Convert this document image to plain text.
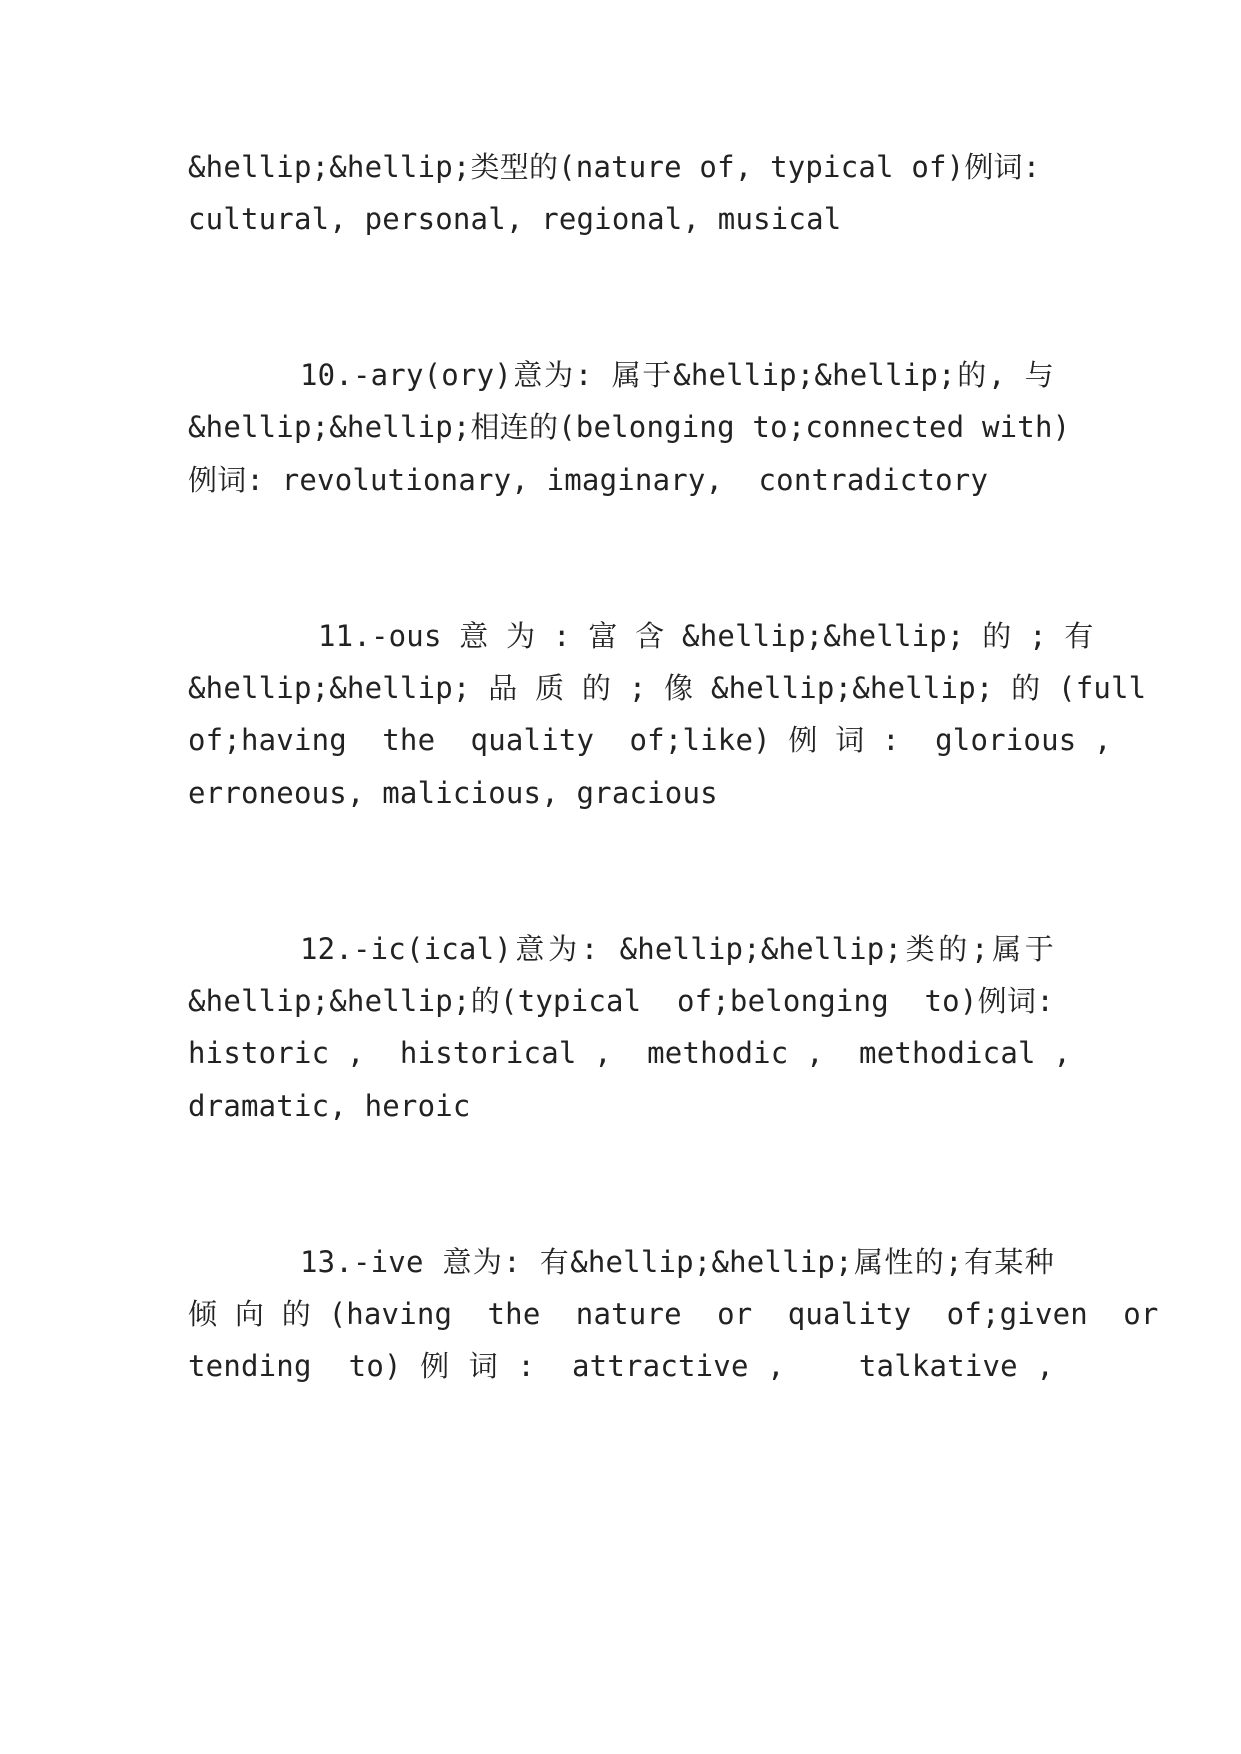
&hellip;&hellip;类型的(nature of, typical of)例词:
cultural, personal, regional, musical
10.-ary(ory)意为: 属于&hellip;&hellip;的, 与
&hellip;&hellip;相连的(belonging to;connected with)
例词: revolutionary, imaginary,  contradictory
11.-ous 意 为 : 富 含 &hellip;&hellip; 的 ; 有
&hellip;&hellip; 品 质 的 ; 像 &hellip;&hellip; 的 (full
of;having  the  quality  of;like) 例 词 :  glorious ,
erroneous, malicious, gracious
12.-ic(ical)意为: &hellip;&hellip;类的;属于
&hellip;&hellip;的(typical  of;belonging  to)例词:
historic ,  historical ,  methodic ,  methodical ,
dramatic, heroic
13.-ive 意为: 有&hellip;&hellip;属性的;有某种
倾 向 的 (having  the  nature  or  quality  of;given  or
tending  to) 例 词 :  attractive ,    talkative ,
